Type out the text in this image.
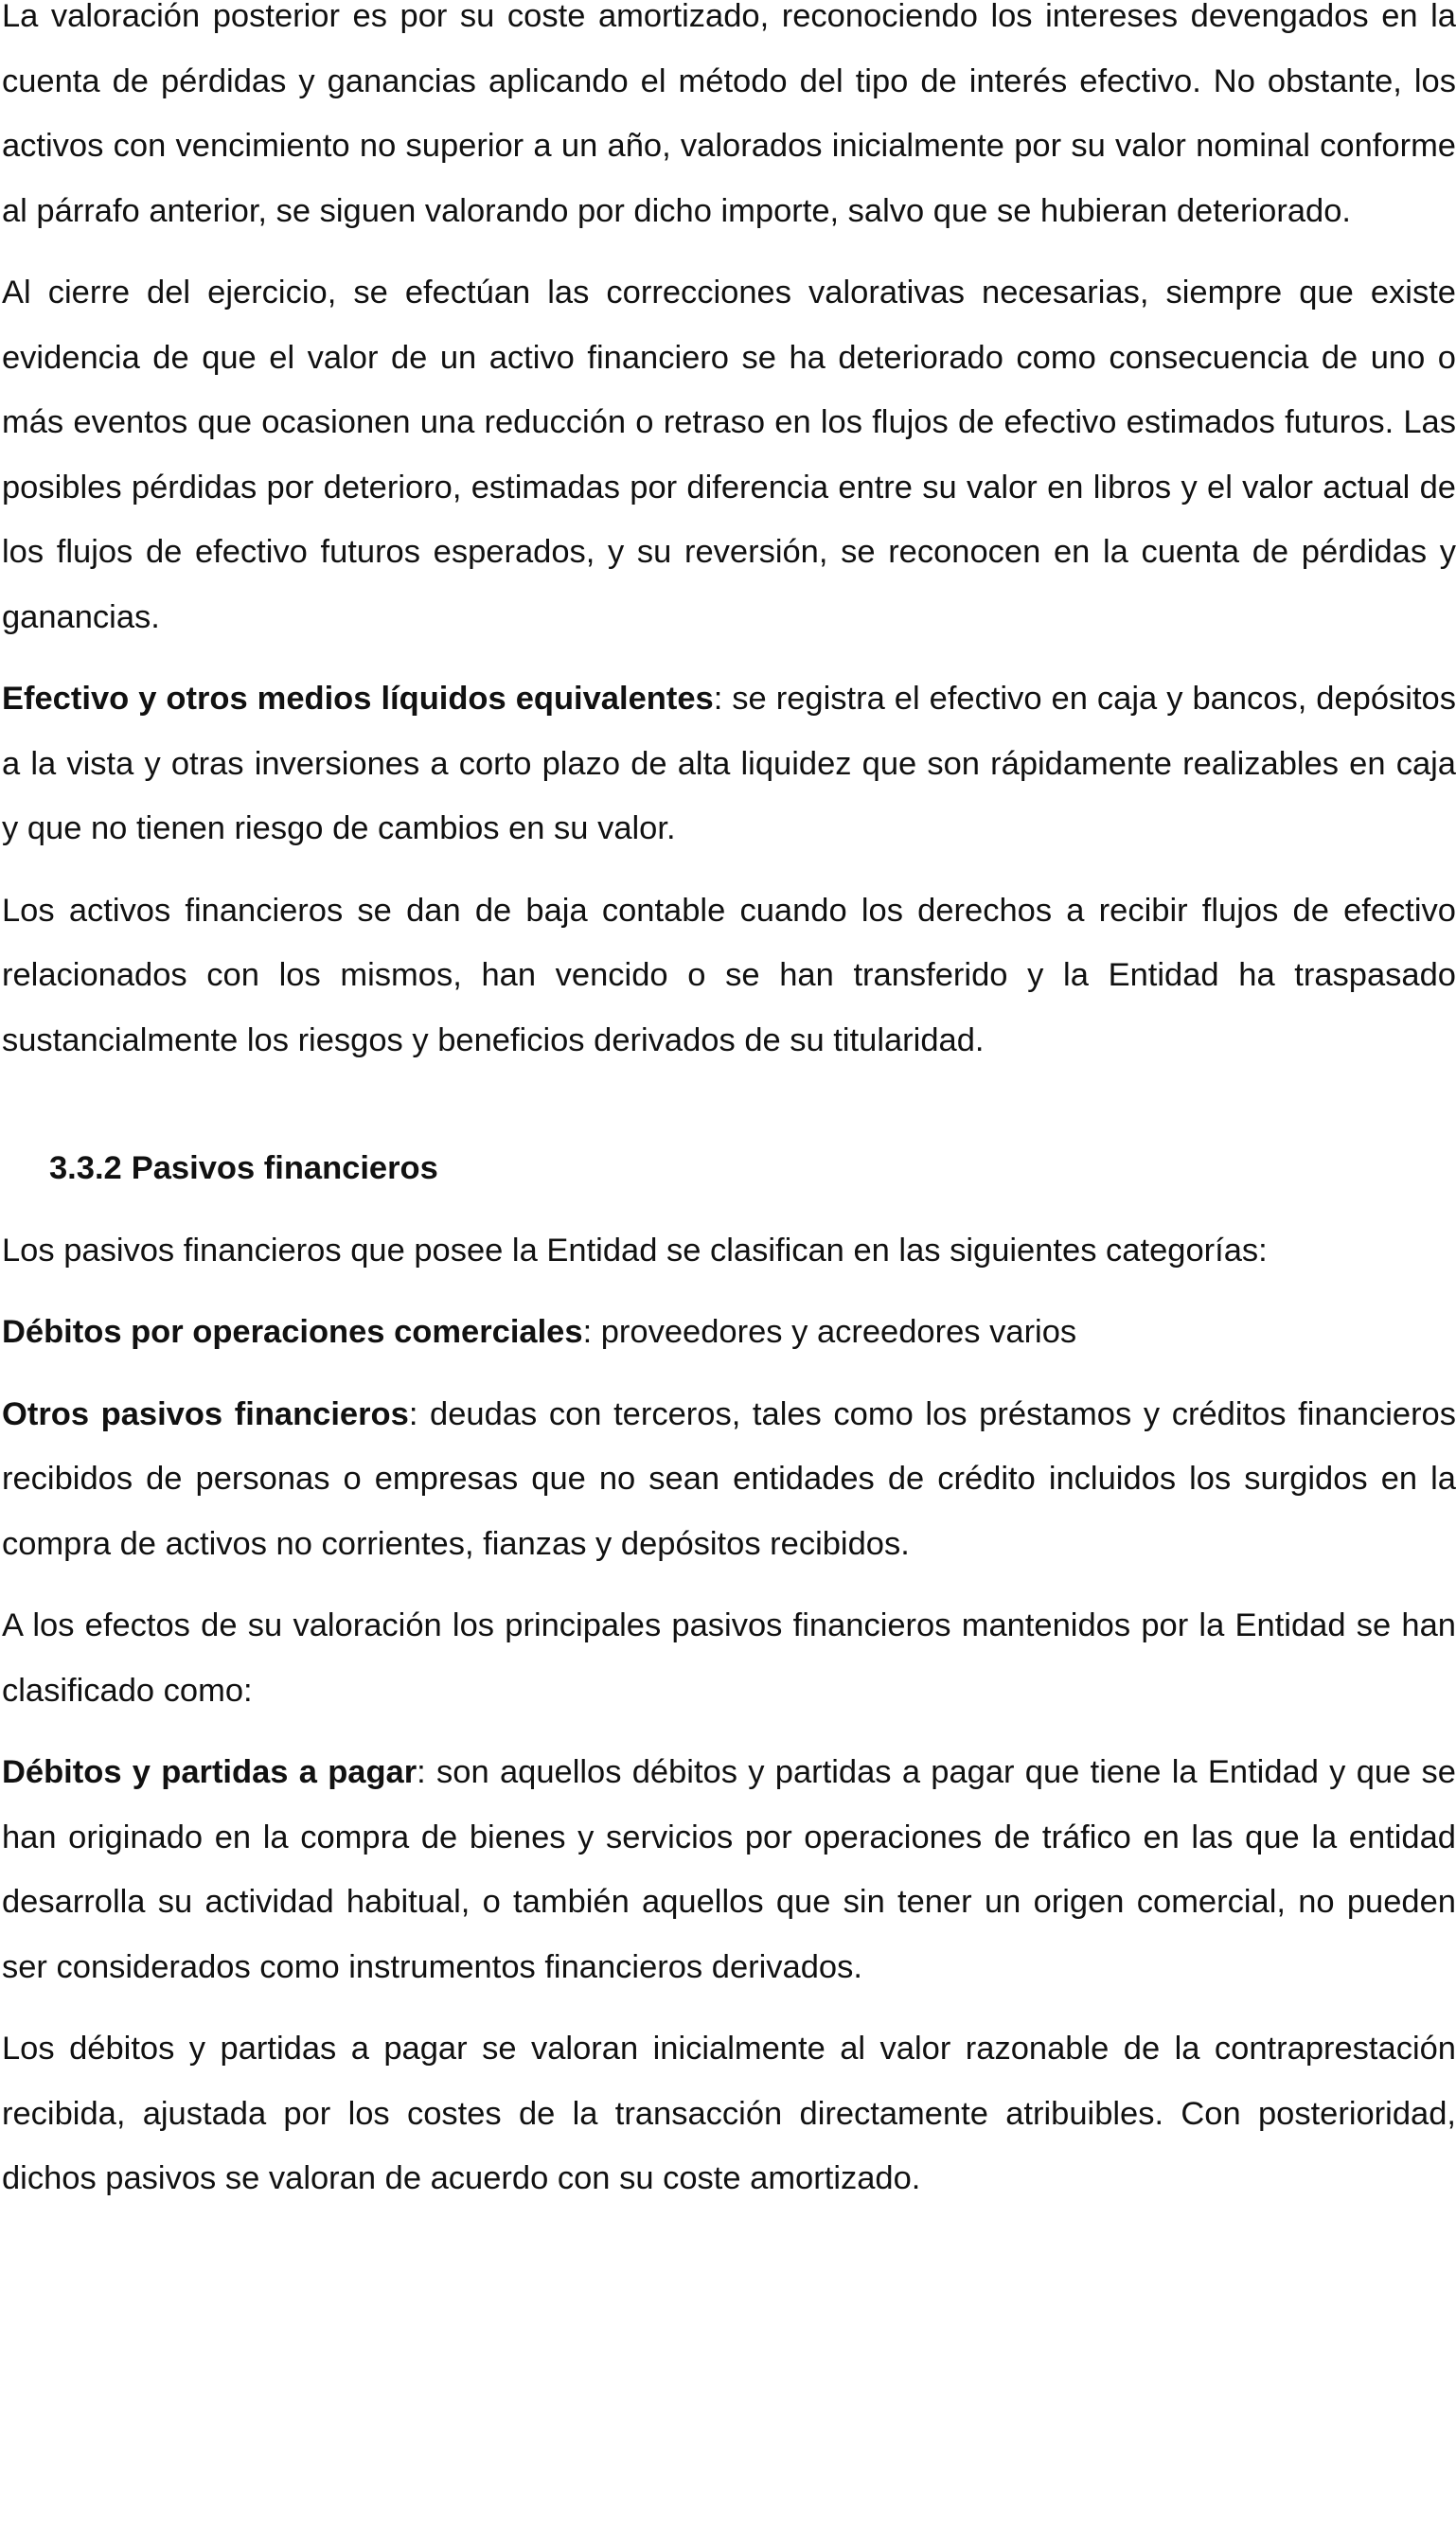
La valoración posterior es por su coste amortizado, reconociendo los intereses devengados en la cuenta de pérdidas y ganancias aplicando el método del tipo de interés efectivo. No obstante, los activos con vencimiento no superior a un año, valorados inicialmente por su valor nominal conforme al párrafo anterior, se siguen valorando por dicho importe, salvo que se hubieran deteriorado.

Al cierre del ejercicio, se efectúan las correcciones valorativas necesarias, siempre que existe evidencia de que el valor de un activo financiero se ha deteriorado como consecuencia de uno o más eventos que ocasionen una reducción o retraso en los flujos de efectivo estimados futuros. Las posibles pérdidas por deterioro, estimadas por diferencia entre su valor en libros y el valor actual de los flujos de efectivo futuros esperados, y su reversión, se reconocen en la cuenta de pérdidas y ganancias.

Efectivo y otros medios líquidos equivalentes: se registra el efectivo en caja y bancos, depósitos a la vista y otras inversiones a corto plazo de alta liquidez que son rápidamente realizables en caja y que no tienen riesgo de cambios en su valor.

Los activos financieros se dan de baja contable cuando los derechos a recibir flujos de efectivo relacionados con los mismos, han vencido o se han transferido y la Entidad ha traspasado sustancialmente los riesgos y beneficios derivados de su titularidad.

3.3.2 Pasivos financieros

Los pasivos financieros que posee la Entidad se clasifican en las siguientes categorías:

Débitos por operaciones comerciales: proveedores y acreedores varios

Otros pasivos financieros: deudas con terceros, tales como los préstamos y créditos financieros recibidos de personas o empresas que no sean entidades de crédito incluidos los surgidos en la compra de activos no corrientes, fianzas y depósitos recibidos.

A los efectos de su valoración los principales pasivos financieros mantenidos por la Entidad se han clasificado como:

Débitos y partidas a pagar: son aquellos débitos y partidas a pagar que tiene la Entidad y que se han originado en la compra de bienes y servicios por operaciones de tráfico en las que la entidad desarrolla su actividad habitual, o también aquellos que sin tener un origen comercial, no pueden ser considerados como instrumentos financieros derivados.

Los débitos y partidas a pagar se valoran inicialmente al valor razonable de la contraprestación recibida, ajustada por los costes de la transacción directamente atribuibles. Con posterioridad, dichos pasivos se valoran de acuerdo con su coste amortizado.
